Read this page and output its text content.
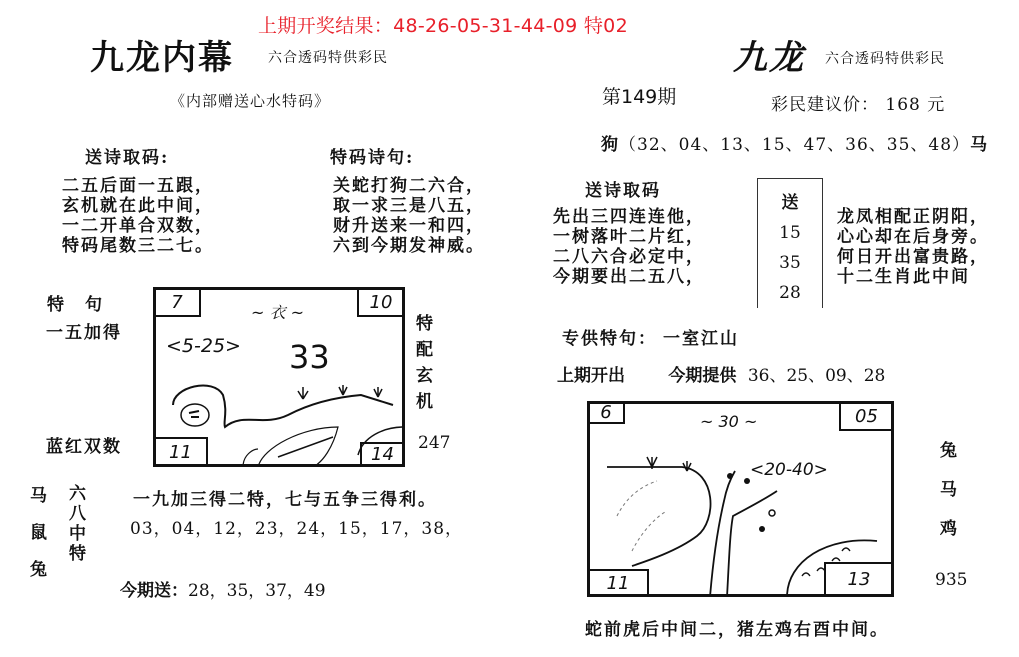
上期开奖结果：48-26-05-31-44-09 特02
九龙内幕 六合透码特供彩民
《内部赠送心水特码》
送诗取码:
二五后面一五跟，
玄机就在此中间，
一二开单合双数，
特码尾数三二七。
特码诗句:
关蛇打狗二六合，
取一求三是八五，
财升送来一和四，
六到今期发神威。
特　句
一五加得
蓝红双数
7	10
11	14
~ 衣 ~
<5-25> 33
特
配
玄
机
247
马
鼠
兔
六
八
中
特
一九加三得二特，七与五争三得利。
03，04，12，23，24，15，17，38，
今期送：28，35，37，49
九龙 六合透码特供彩民
第149期	彩民建议价： 168 元
狗（32、04、13、15、47、36、35、48）马
送诗取码
先出三四连连他，
一树落叶二片红，
二八六合必定中，
今期要出二五八，
送
15
35
28
龙凤相配正阴阳，
心心却在后身旁。
何日开出富贵路，
十二生肖此中间
专供特句： 一室江山
上期开出	今期提供 36、25、09、28
6	05
11	13
~ 30 ~
<20-40>
兔
马
鸡
935
蛇前虎后中间二，猪左鸡右酉中间。
